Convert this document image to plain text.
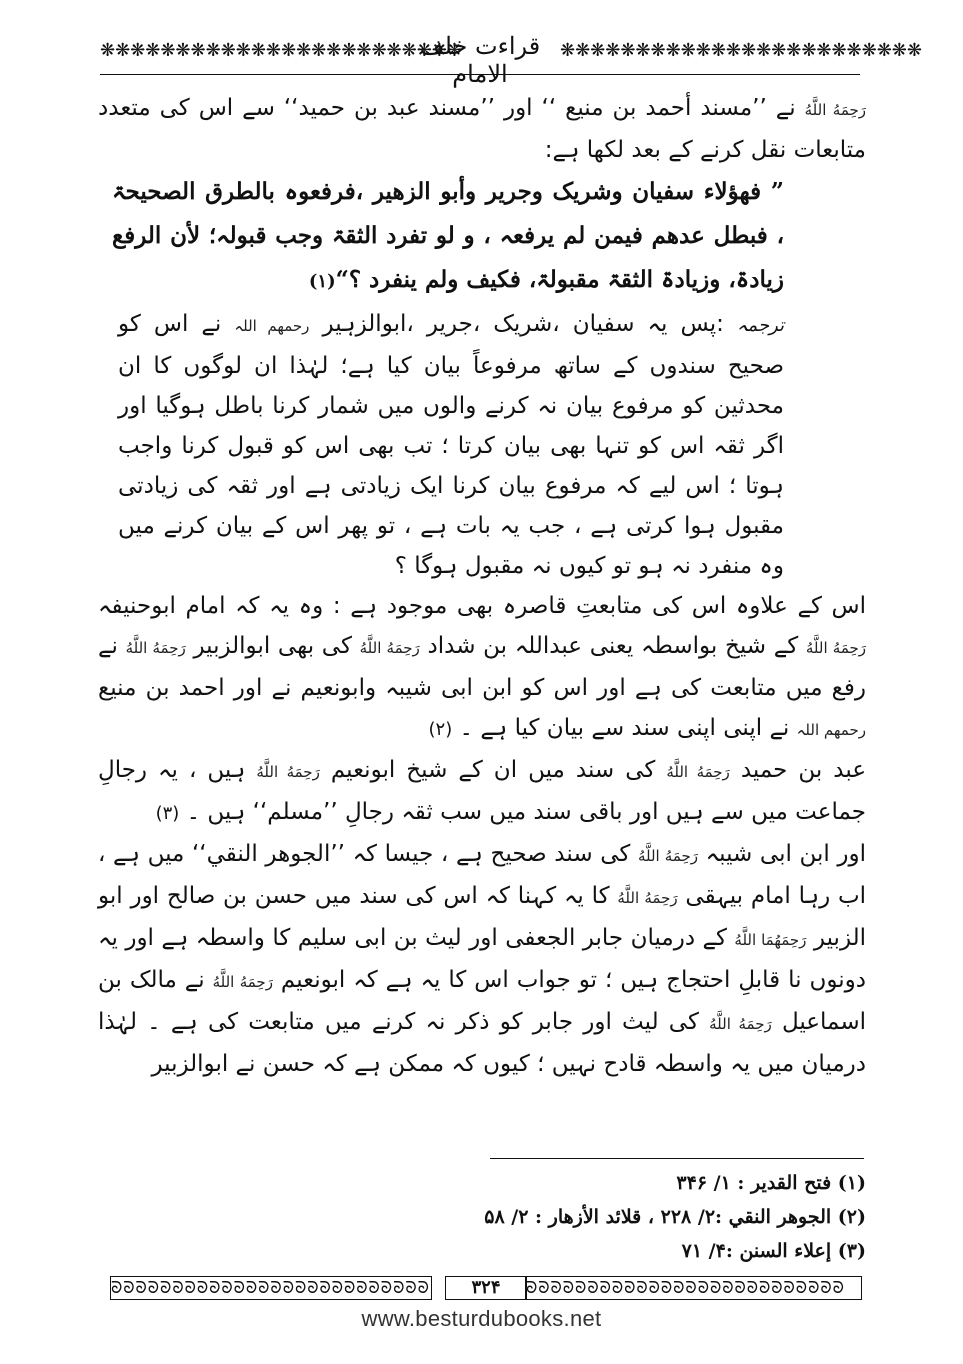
❋❋❋❋❋❋❋❋❋❋❋❋❋❋❋❋❋❋❋❋❋❋❋❋
قراءت خلف الامام
❋❋❋❋❋❋❋❋❋❋❋❋❋❋❋❋❋❋❋❋❋❋❋❋

رَحِمَهُ اللَّهُ نے ’’مسند أحمد بن منیع ‘‘ اور ’’مسند عبد بن حمید‘‘ سے اس کی متعدد متابعات نقل کرنے کے بعد لکھا ہے:

” فھؤلاء سفیان وشریک وجریر وأبو الزھیر ،فرفعوہ بالطرق الصحیحۃ ، فبطل عدھم فیمن لم یرفعہ ، و لو تفرد الثقۃ وجب قبولہ؛ لأن الرفع زیادۃ، وزیادۃ الثقۃ مقبولۃ، فکیف ولم ینفرد ؟“(۱)

ترجمہ :پس یہ سفیان ،شریک ،جریر ،ابوالزہیر رحمهم اللہ نے اس کو صحیح سندوں کے ساتھ مرفوعاً بیان کیا ہے؛ لہٰذا ان لوگوں کا ان محدثین کو مرفوع بیان نہ کرنے والوں میں شمار کرنا باطل ہوگیا اور اگر ثقہ اس کو تنہا بھی بیان کرتا ؛ تب بھی اس کو قبول کرنا واجب ہوتا ؛ اس لیے کہ مرفوع بیان کرنا ایک زیادتی ہے اور ثقہ کی زیادتی مقبول ہوا کرتی ہے ، جب یہ بات ہے ، تو پھر اس کے بیان کرنے میں وہ منفرد نہ ہو تو کیوں نہ مقبول ہوگا ؟

اس کے علاوہ اس کی متابعتِ قاصرہ بھی موجود ہے : وہ یہ کہ امام ابوحنیفہ رَحِمَهُ اللَّهُ کے شیخ بواسطہ یعنی عبداللہ بن شداد رَحِمَهُ اللَّهُ کی بھی ابوالزبیر رَحِمَهُ اللَّهُ نے رفع میں متابعت کی ہے اور اس کو ابن ابی شیبہ وابونعیم نے اور احمد بن منیع رحمهم اللہ نے اپنی اپنی سند سے بیان کیا ہے ۔ (۲)

عبد بن حمید رَحِمَهُ اللَّهُ کی سند میں ان کے شیخ ابونعیم رَحِمَهُ اللَّهُ ہیں ، یہ رجالِ جماعت میں سے ہیں اور باقی سند میں سب ثقہ رجالِ ’’مسلم‘‘ ہیں ۔ (۳)

اور ابن ابی شیبہ رَحِمَهُ اللَّهُ کی سند صحیح ہے ، جیسا کہ ’’الجوھر النقي‘‘ میں ہے ، اب رہا امام بیہقی رَحِمَهُ اللَّهُ کا یہ کہنا کہ اس کی سند میں حسن بن صالح اور ابو الزبیر رَحِمَهُمَا اللَّهُ کے درمیان جابر الجعفی اور لیث بن ابی سلیم کا واسطہ ہے اور یہ دونوں نا قابلِ احتجاج ہیں ؛ تو جواب اس کا یہ ہے کہ ابونعیم رَحِمَهُ اللَّهُ نے مالک بن اسماعیل رَحِمَهُ اللَّهُ کی لیث اور جابر کو ذکر نہ کرنے میں متابعت کی ہے ۔ لہٰذا درمیان میں یہ واسطہ قادح نہیں ؛ کیوں کہ ممکن ہے کہ حسن نے ابوالزبیر

(۱) فتح القدیر : ۱/ ۳۴۶
(۲) الجوھر النقي :۲/ ۲۲۸ ، قلائد الأزھار : ۲/ ۵۸
(۳) إعلاء السنن :۴/ ۷۱
ᘐᘐᘐᘐᘐᘐᘐᘐᘐᘐᘐᘐᘐᘐᘐᘐᘐᘐᘐᘐᘐᘐᘐᘐᘐᘐ	۳۲۴	ᘐᘐᘐᘐᘐᘐᘐᘐᘐᘐᘐᘐᘐᘐᘐᘐᘐᘐᘐᘐᘐᘐᘐᘐᘐᘐ
www.besturdubooks.net
